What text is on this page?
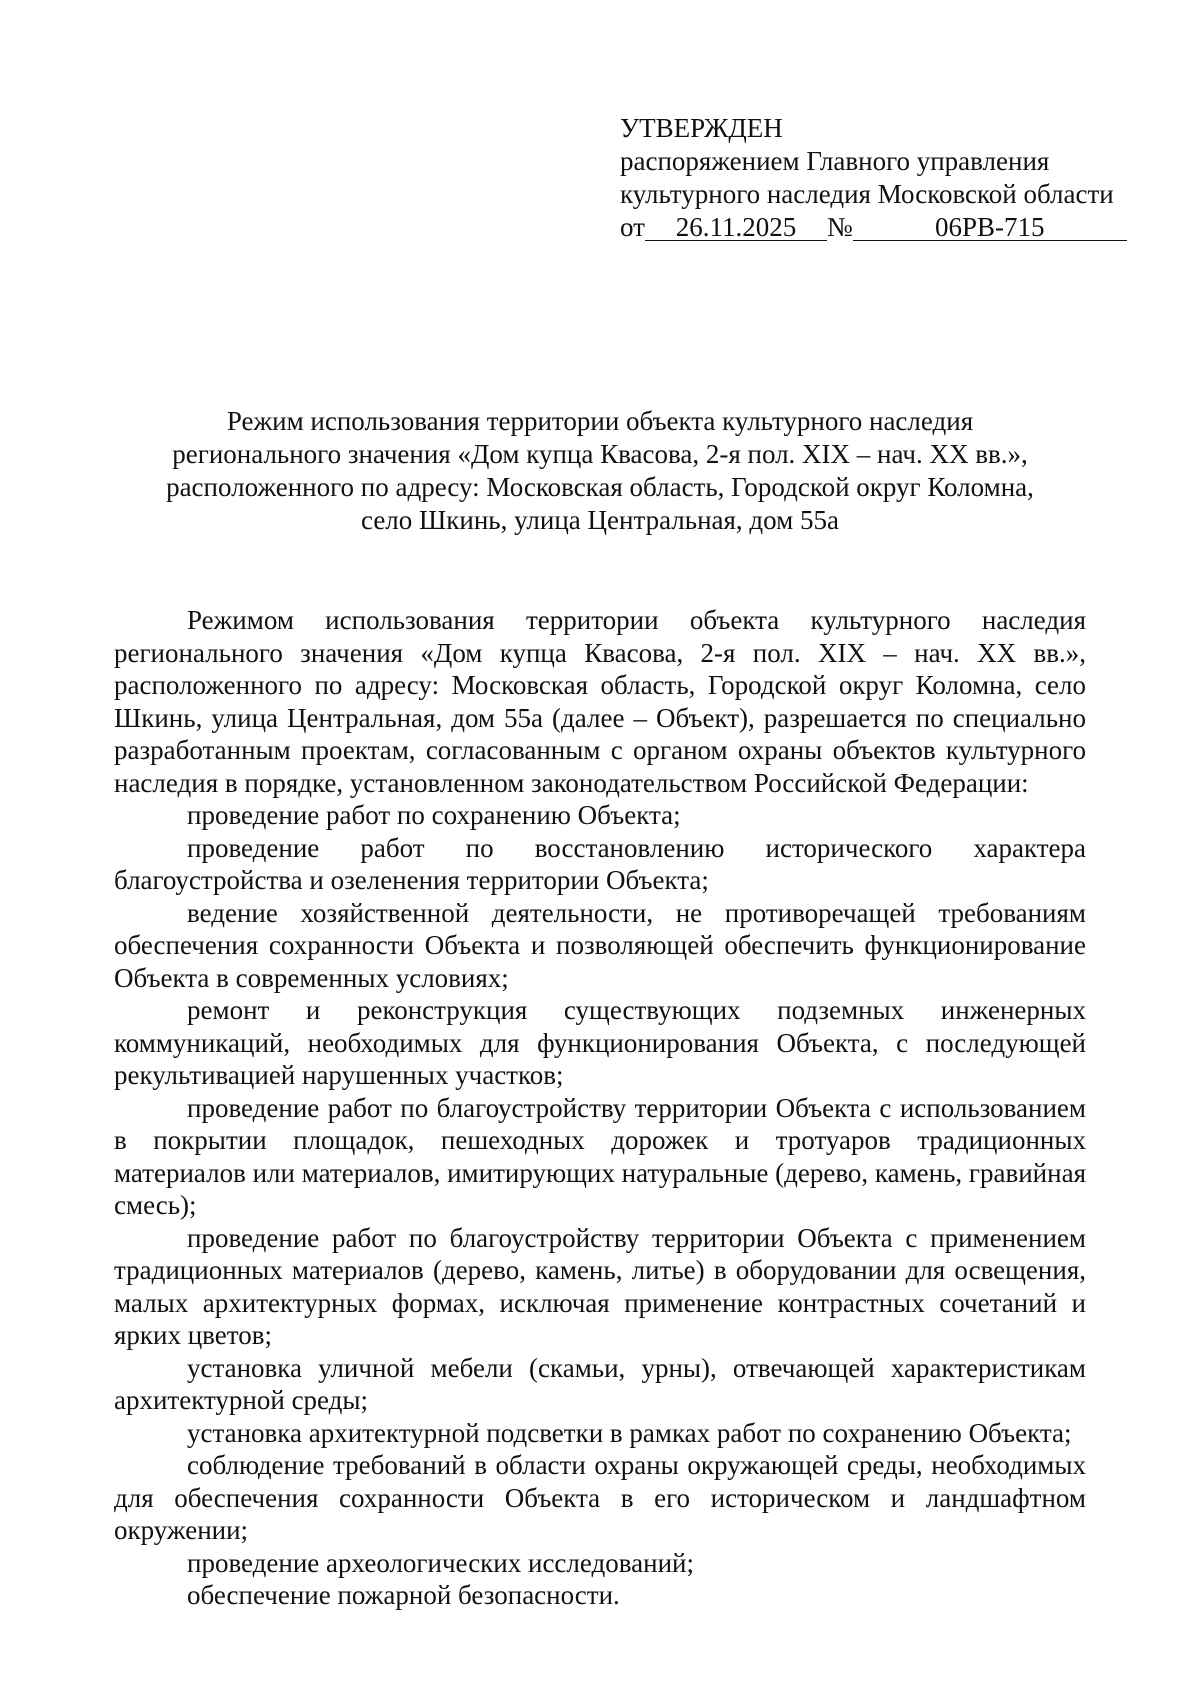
УТВЕРЖДЕН
распоряжением Главного управления
культурного наследия Московской области
от 26.11.2025 №	06РВ-715
Режим использования территории объекта культурного наследия
регионального значения «Дом купца Квасова, 2-я пол. XIX – нач. XX вв.»,
расположенного по адресу: Московская область, Городской округ Коломна,
село Шкинь, улица Центральная, дом 55а

Режимом использования территории объекта культурного наследия регионального значения «Дом купца Квасова, 2-я пол. XIX – нач. XX вв.», расположенного по адресу: Московская область, Городской округ Коломна, село Шкинь, улица Центральная, дом 55а (далее – Объект), разрешается по специально разработанным проектам, согласованным с органом охраны объектов культурного наследия в порядке, установленном законодательством Российской Федерации:

проведение работ по сохранению Объекта;

проведение работ по восстановлению исторического характера благоустройства и озеленения территории Объекта;

ведение хозяйственной деятельности, не противоречащей требованиям обеспечения сохранности Объекта и позволяющей обеспечить функционирование Объекта в современных условиях;

ремонт и реконструкция существующих подземных инженерных коммуникаций, необходимых для функционирования Объекта, с последующей рекультивацией нарушенных участков;

проведение работ по благоустройству территории Объекта с использованием в покрытии площадок, пешеходных дорожек и тротуаров традиционных материалов или материалов, имитирующих натуральные (дерево, камень, гравийная смесь);

проведение работ по благоустройству территории Объекта с применением традиционных материалов (дерево, камень, литье) в оборудовании для освещения, малых архитектурных формах, исключая применение контрастных сочетаний и ярких цветов;

установка уличной мебели (скамьи, урны), отвечающей характеристикам архитектурной среды;

установка архитектурной подсветки в рамках работ по сохранению Объекта;

соблюдение требований в области охраны окружающей среды, необходимых для обеспечения сохранности Объекта в его историческом и ландшафтном окружении;

проведение археологических исследований;

обеспечение пожарной безопасности.
